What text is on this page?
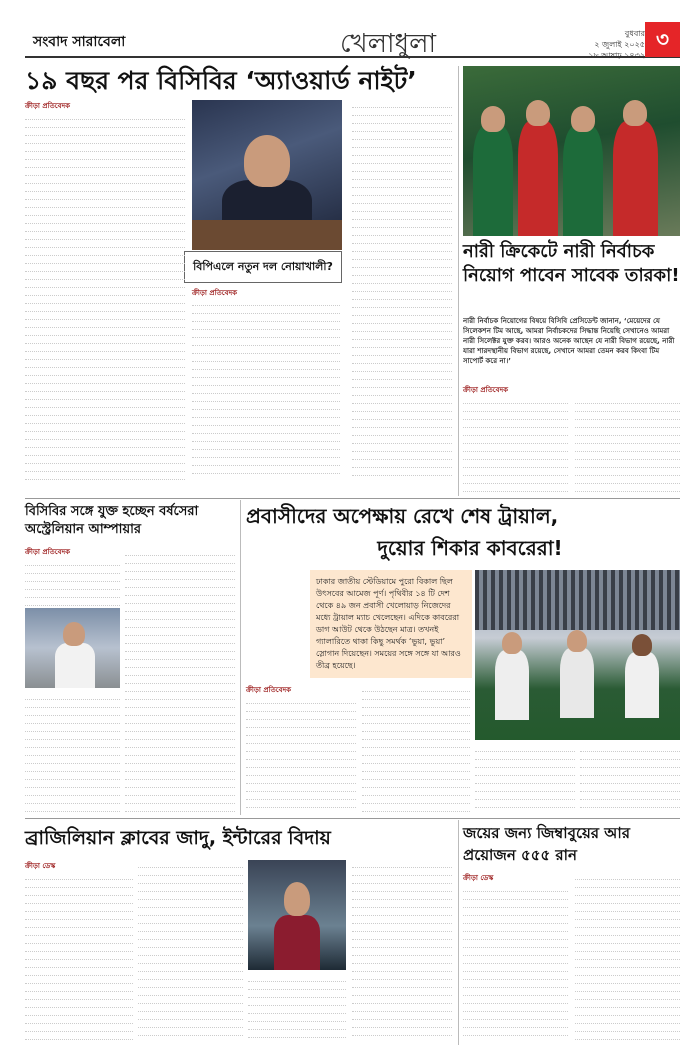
সংবাদ সারাবেলা	খেলাধুলা	বুধবার
২ জুলাই ২০২৫
১৮ আষাঢ় ১৪৩২
৩
১৯ বছর পর বিসিবির ‘অ্যাওয়ার্ড নাইট’
বিপিএলে নতুন দল নোয়াখালী?
ক্রীড়া প্রতিবেদক

ক্রীড়া প্রতিবেদক

নারী ক্রিকেটে নারী নির্বাচক নিয়োগ পাবেন সাবেক তারকা!
নারী নির্বাচক নিয়োগের বিষয়ে বিসিবি প্রেসিডেন্ট জানান, ‘মেয়েদের যে সিলেকশন টিম আছে, আমরা নির্বাচকদের সিদ্ধান্ত নিয়েছি সেখানেও আমরা নারী সিলেক্টর যুক্ত করব। আরও অনেক আছেন যে নারী বিভাগ রয়েছে, নারী যারা শারদস্থানীয় বিভাগ রয়েছে, সেখানে আমরা তেমন করব কিংবা টিম সাপোর্ট করে না।’
ক্রীড়া প্রতিবেদক

বিসিবির সঙ্গে যুক্ত হচ্ছেন বর্ষসেরা অস্ট্রেলিয়ান আম্পায়ার
ক্রীড়া প্রতিবেদক

প্রবাসীদের অপেক্ষায় রেখে শেষ ট্রায়াল,
দুয়োর শিকার কাবরেরা!
ঢাকার জাতীয় স্টেডিয়ামে পুরো বিকাল ছিল উৎসবের আমেজ পূর্ণ। পৃথিবীর ১৪ টি দেশ থেকে ৪৯ জন প্রবাসী খেলোয়াড় নিজেদের মধ্যে ট্রায়াল ম্যাচ খেলেছেন। এদিকে কাবরেরা ডাগ আউট থেকে উঠছেন মাত্র। তখনই গ্যালারিতে থাকা কিছু সমর্থক ‘ভুয়া, ভুয়া’ স্লোগান দিয়েছেন। সময়ের সঙ্গে সঙ্গে যা আরও তীব্র হয়েছে।
ক্রীড়া প্রতিবেদক

ব্রাজিলিয়ান ক্লাবের জাদু, ইন্টারের বিদায়
ক্রীড়া ডেস্ক

জয়ের জন্য জিম্বাবুয়ের আর প্রয়োজন ৫৫৫ রান
ক্রীড়া ডেস্ক
